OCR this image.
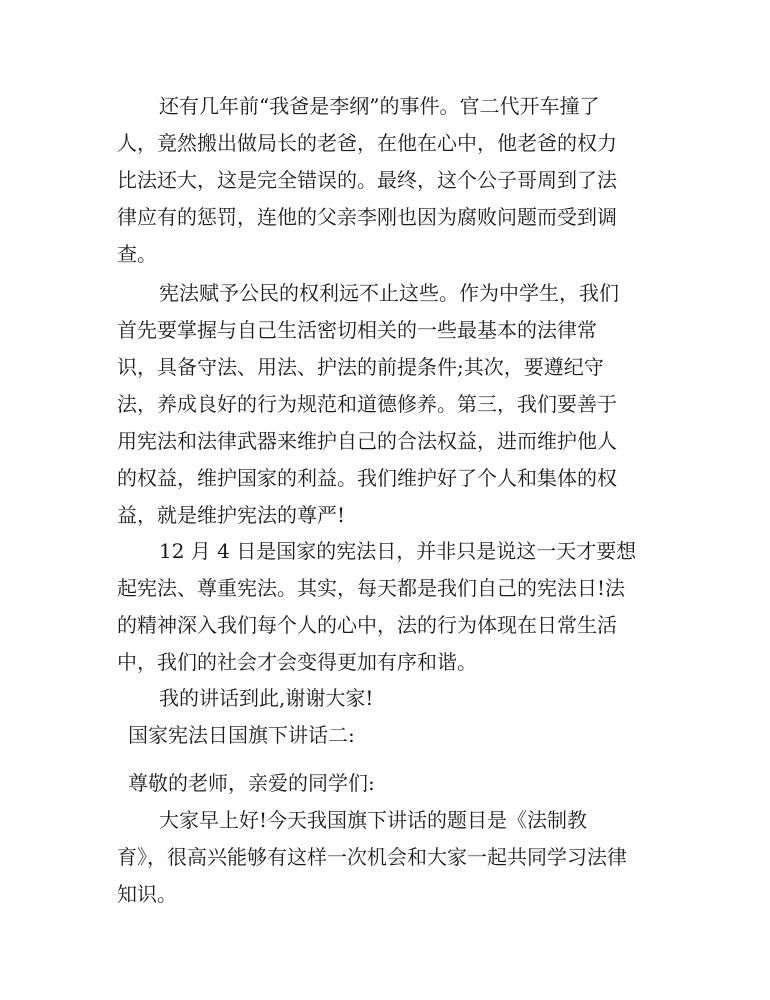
还有几年前“我爸是李纲”的事件。官二代开车撞了
人，竟然搬出做局长的老爸，在他在心中，他老爸的权力
比法还大，这是完全错误的。最终，这个公子哥周到了法
律应有的惩罚，连他的父亲李刚也因为腐败问题而受到调
查。
宪法赋予公民的权利远不止这些。作为中学生，我们
首先要掌握与自己生活密切相关的一些最基本的法律常
识，具备守法、用法、护法的前提条件;其次，要遵纪守
法，养成良好的行为规范和道德修养。第三，我们要善于
用宪法和法律武器来维护自己的合法权益，进而维护他人
的权益，维护国家的利益。我们维护好了个人和集体的权
益，就是维护宪法的尊严!
12 月 4 日是国家的宪法日，并非只是说这一天才要想
起宪法、尊重宪法。其实，每天都是我们自己的宪法日!法
的精神深入我们每个人的心中，法的行为体现在日常生活
中，我们的社会才会变得更加有序和谐。
我的讲话到此,谢谢大家!
国家宪法日国旗下讲话二:
尊敬的老师，亲爱的同学们:
大家早上好!今天我国旗下讲话的题目是《法制教
育》，很高兴能够有这样一次机会和大家一起共同学习法律
知识。
